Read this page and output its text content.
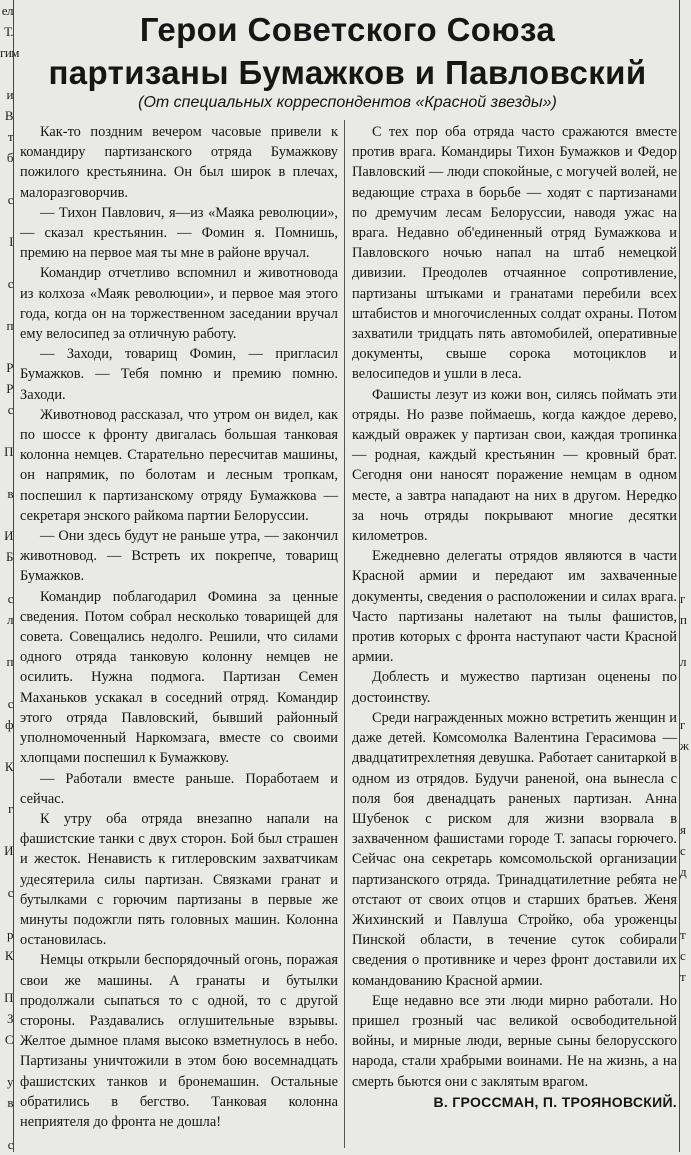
ел
Т.
гим

и
В
т
б

с

I

с

п

Р
Р
с

П

в

И
Б

с
л

п

с
ф

К

г

И

с

р
К

П
З
С

у
в

с

г
п

л

г
ж

я
с
д

т
с
т
Герои Советского Союза
партизаны Бумажков и Павловский
(От специальных корреспондентов «Красной звезды»)

Как-то поздним вечером часовые привели к командиру партизанского отряда Бумажкову пожилого крестьянина. Он был широк в плечах, малоразговорчив.

— Тихон Павлович, я—из «Маяка революции», — сказал крестьянин. — Фомин я. Помнишь, премию на первое мая ты мне в районе вручал.

Командир отчетливо вспомнил и животновода из колхоза «Маяк революции», и первое мая этого года, когда он на торжественном заседании вручал ему велосипед за отличную работу.

— Заходи, товарищ Фомин, — пригласил Бумажков. — Тебя помню и премию помню. Заходи.

Животновод рассказал, что утром он видел, как по шоссе к фронту двигалась большая танковая колонна немцев. Старательно пересчитав машины, он напрямик, по болотам и лесным тропкам, поспешил к партизанскому отряду Бумажкова — секретаря энского райкома партии Белоруссии.

— Они здесь будут не раньше утра, — закончил животновод. — Встреть их покрепче, товарищ Бумажков.

Командир поблагодарил Фомина за ценные сведения. Потом собрал несколько товарищей для совета. Совещались недолго. Решили, что силами одного отряда танковую колонну немцев не осилить. Нужна подмога. Партизан Семен Маханьков ускакал в соседний отряд. Командир этого отряда Павловский, бывший районный уполномоченный Наркомзага, вместе со своими хлопцами поспешил к Бумажкову.

— Работали вместе раньше. Поработаем и сейчас.

К утру оба отряда внезапно напали на фашистские танки с двух сторон. Бой был страшен и жесток. Ненависть к гитлеровским захватчикам удесятерила силы партизан. Связками гранат и бутылками с горючим партизаны в первые же минуты подожгли пять головных машин. Колонна остановилась.

Немцы открыли беспорядочный огонь, поражая свои же машины. А гранаты и бутылки продолжали сыпаться то с одной, то с другой стороны. Раздавались оглушительные взрывы. Желтое дымное пламя высоко взметнулось в небо. Партизаны уничтожили в этом бою восемнадцать фашистских танков и бронемашин. Остальные обратились в бегство. Танковая колонна неприятеля до фронта не дошла!

С тех пор оба отряда часто сражаются вместе против врага. Командиры Тихон Бумажков и Федор Павловский — люди спокойные, с могучей волей, не ведающие страха в борьбе — ходят с партизанами по дремучим лесам Белоруссии, наводя ужас на врага. Недавно об'единенный отряд Бумажкова и Павловского ночью напал на штаб немецкой дивизии. Преодолев отчаянное сопротивление, партизаны штыками и гранатами перебили всех штабистов и многочисленных солдат охраны. Потом захватили тридцать пять автомобилей, оперативные документы, свыше сорока мотоциклов и велосипедов и ушли в леса.

Фашисты лезут из кожи вон, силясь поймать эти отряды. Но разве поймаешь, когда каждое дерево, каждый овражек у партизан свои, каждая тропинка — родная, каждый крестьянин — кровный брат. Сегодня они наносят поражение немцам в одном месте, а завтра нападают на них в другом. Нередко за ночь отряды покрывают многие десятки километров.

Ежедневно делегаты отрядов являются в части Красной армии и передают им захваченные документы, сведения о расположении и силах врага. Часто партизаны налетают на тылы фашистов, против которых с фронта наступают части Красной армии.

Доблесть и мужество партизан оценены по достоинству.

Среди награжденных можно встретить женщин и даже детей. Комсомолка Валентина Герасимова — двадцатитрехлетняя девушка. Работает санитаркой в одном из отрядов. Будучи раненой, она вынесла с поля боя двенадцать раненых партизан. Анна Шубенок с риском для жизни взорвала в захваченном фашистами городе Т. запасы горючего. Сейчас она секретарь комсомольской организации партизанского отряда. Тринадцатилетние ребята не отстают от своих отцов и старших братьев. Женя Жихинский и Павлуша Стройко, оба уроженцы Пинской области, в течение суток собирали сведения о противнике и через фронт доставили их командованию Красной армии.

Еще недавно все эти люди мирно работали. Но пришел грозный час великой освободительной войны, и мирные люди, верные сыны белорусского народа, стали храбрыми воинами. Не на жизнь, а на смерть бьются они с заклятым врагом.

В. ГРОССМАН, П. ТРОЯНОВСКИЙ.
